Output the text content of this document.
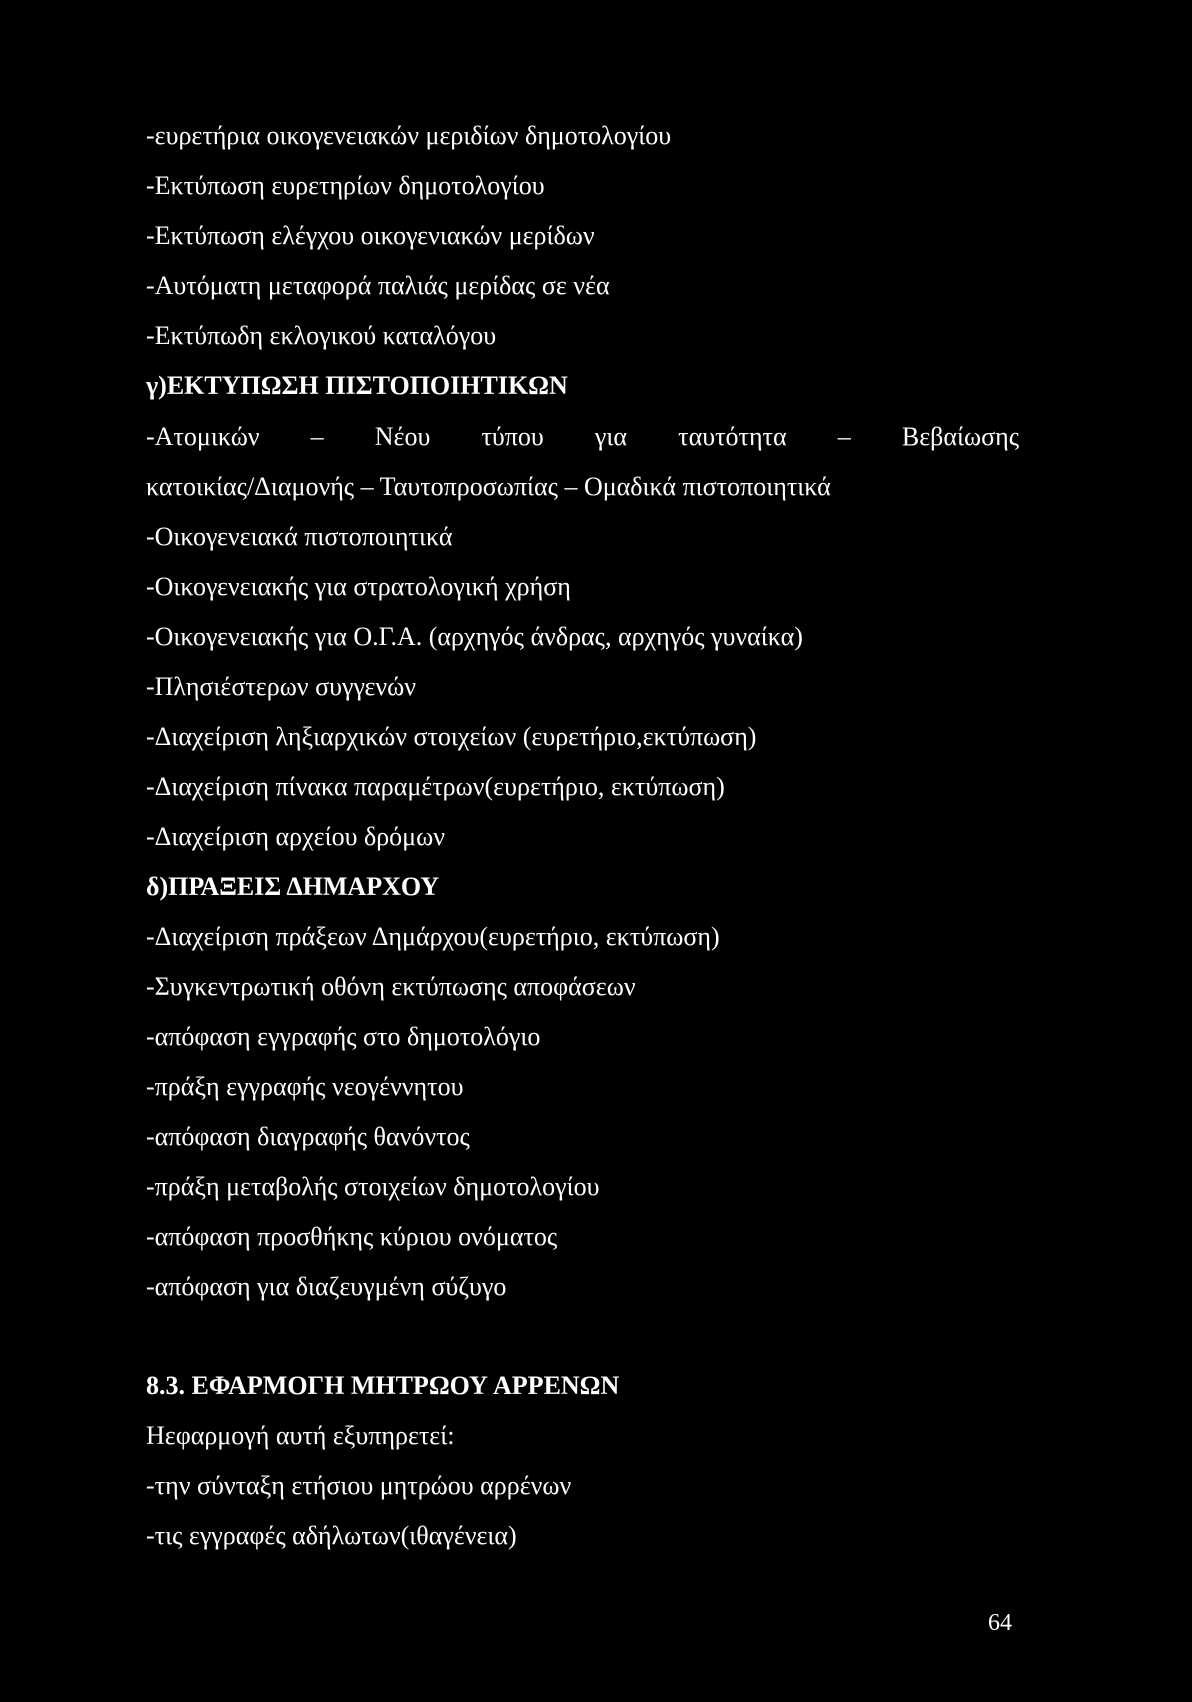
-ευρετήρια οικογενειακών μεριδίων δημοτολογίου
-Εκτύπωση ευρετηρίων δημοτολογίου
-Εκτύπωση ελέγχου οικογενιακών μερίδων
-Αυτόματη μεταφορά παλιάς μερίδας σε νέα
-Εκτύπωδη εκλογικού καταλόγου
γ)ΕΚΤΥΠΩΣΗ ΠΙΣΤΟΠΟΙΗΤΙΚΩΝ
-Ατομικών – Νέου τύπου για ταυτότητα – Βεβαίωσης
κατοικίας/Διαμονής – Ταυτοπροσωπίας – Ομαδικά πιστοποιητικά
-Οικογενειακά πιστοποιητικά
-Οικογενειακής για στρατολογική χρήση
-Οικογενειακής για Ο.Γ.Α. (αρχηγός άνδρας, αρχηγός γυναίκα)
-Πλησιέστερων συγγενών
-Διαχείριση ληξιαρχικών στοιχείων (ευρετήριο,εκτύπωση)
-Διαχείριση πίνακα παραμέτρων(ευρετήριο, εκτύπωση)
-Διαχείριση αρχείου δρόμων
δ)ΠΡΑΞΕΙΣ ΔΗΜΑΡΧΟΥ
-Διαχείριση πράξεων Δημάρχου(ευρετήριο, εκτύπωση)
-Συγκεντρωτική οθόνη εκτύπωσης αποφάσεων
-απόφαση εγγραφής στο δημοτολόγιο
-πράξη εγγραφής νεογέννητου
-απόφαση διαγραφής θανόντος
-πράξη μεταβολής στοιχείων δημοτολογίου
-απόφαση προσθήκης κύριου ονόματος
-απόφαση για διαζευγμένη σύζυγο
8.3. ΕΦΑΡΜΟΓΗ ΜΗΤΡΩΟΥ ΑΡΡΕΝΩΝ
Ηεφαρμογή αυτή εξυπηρετεί:
-την σύνταξη ετήσιου μητρώου αρρένων
-τις εγγραφές αδήλωτων(ιθαγένεια)
64
